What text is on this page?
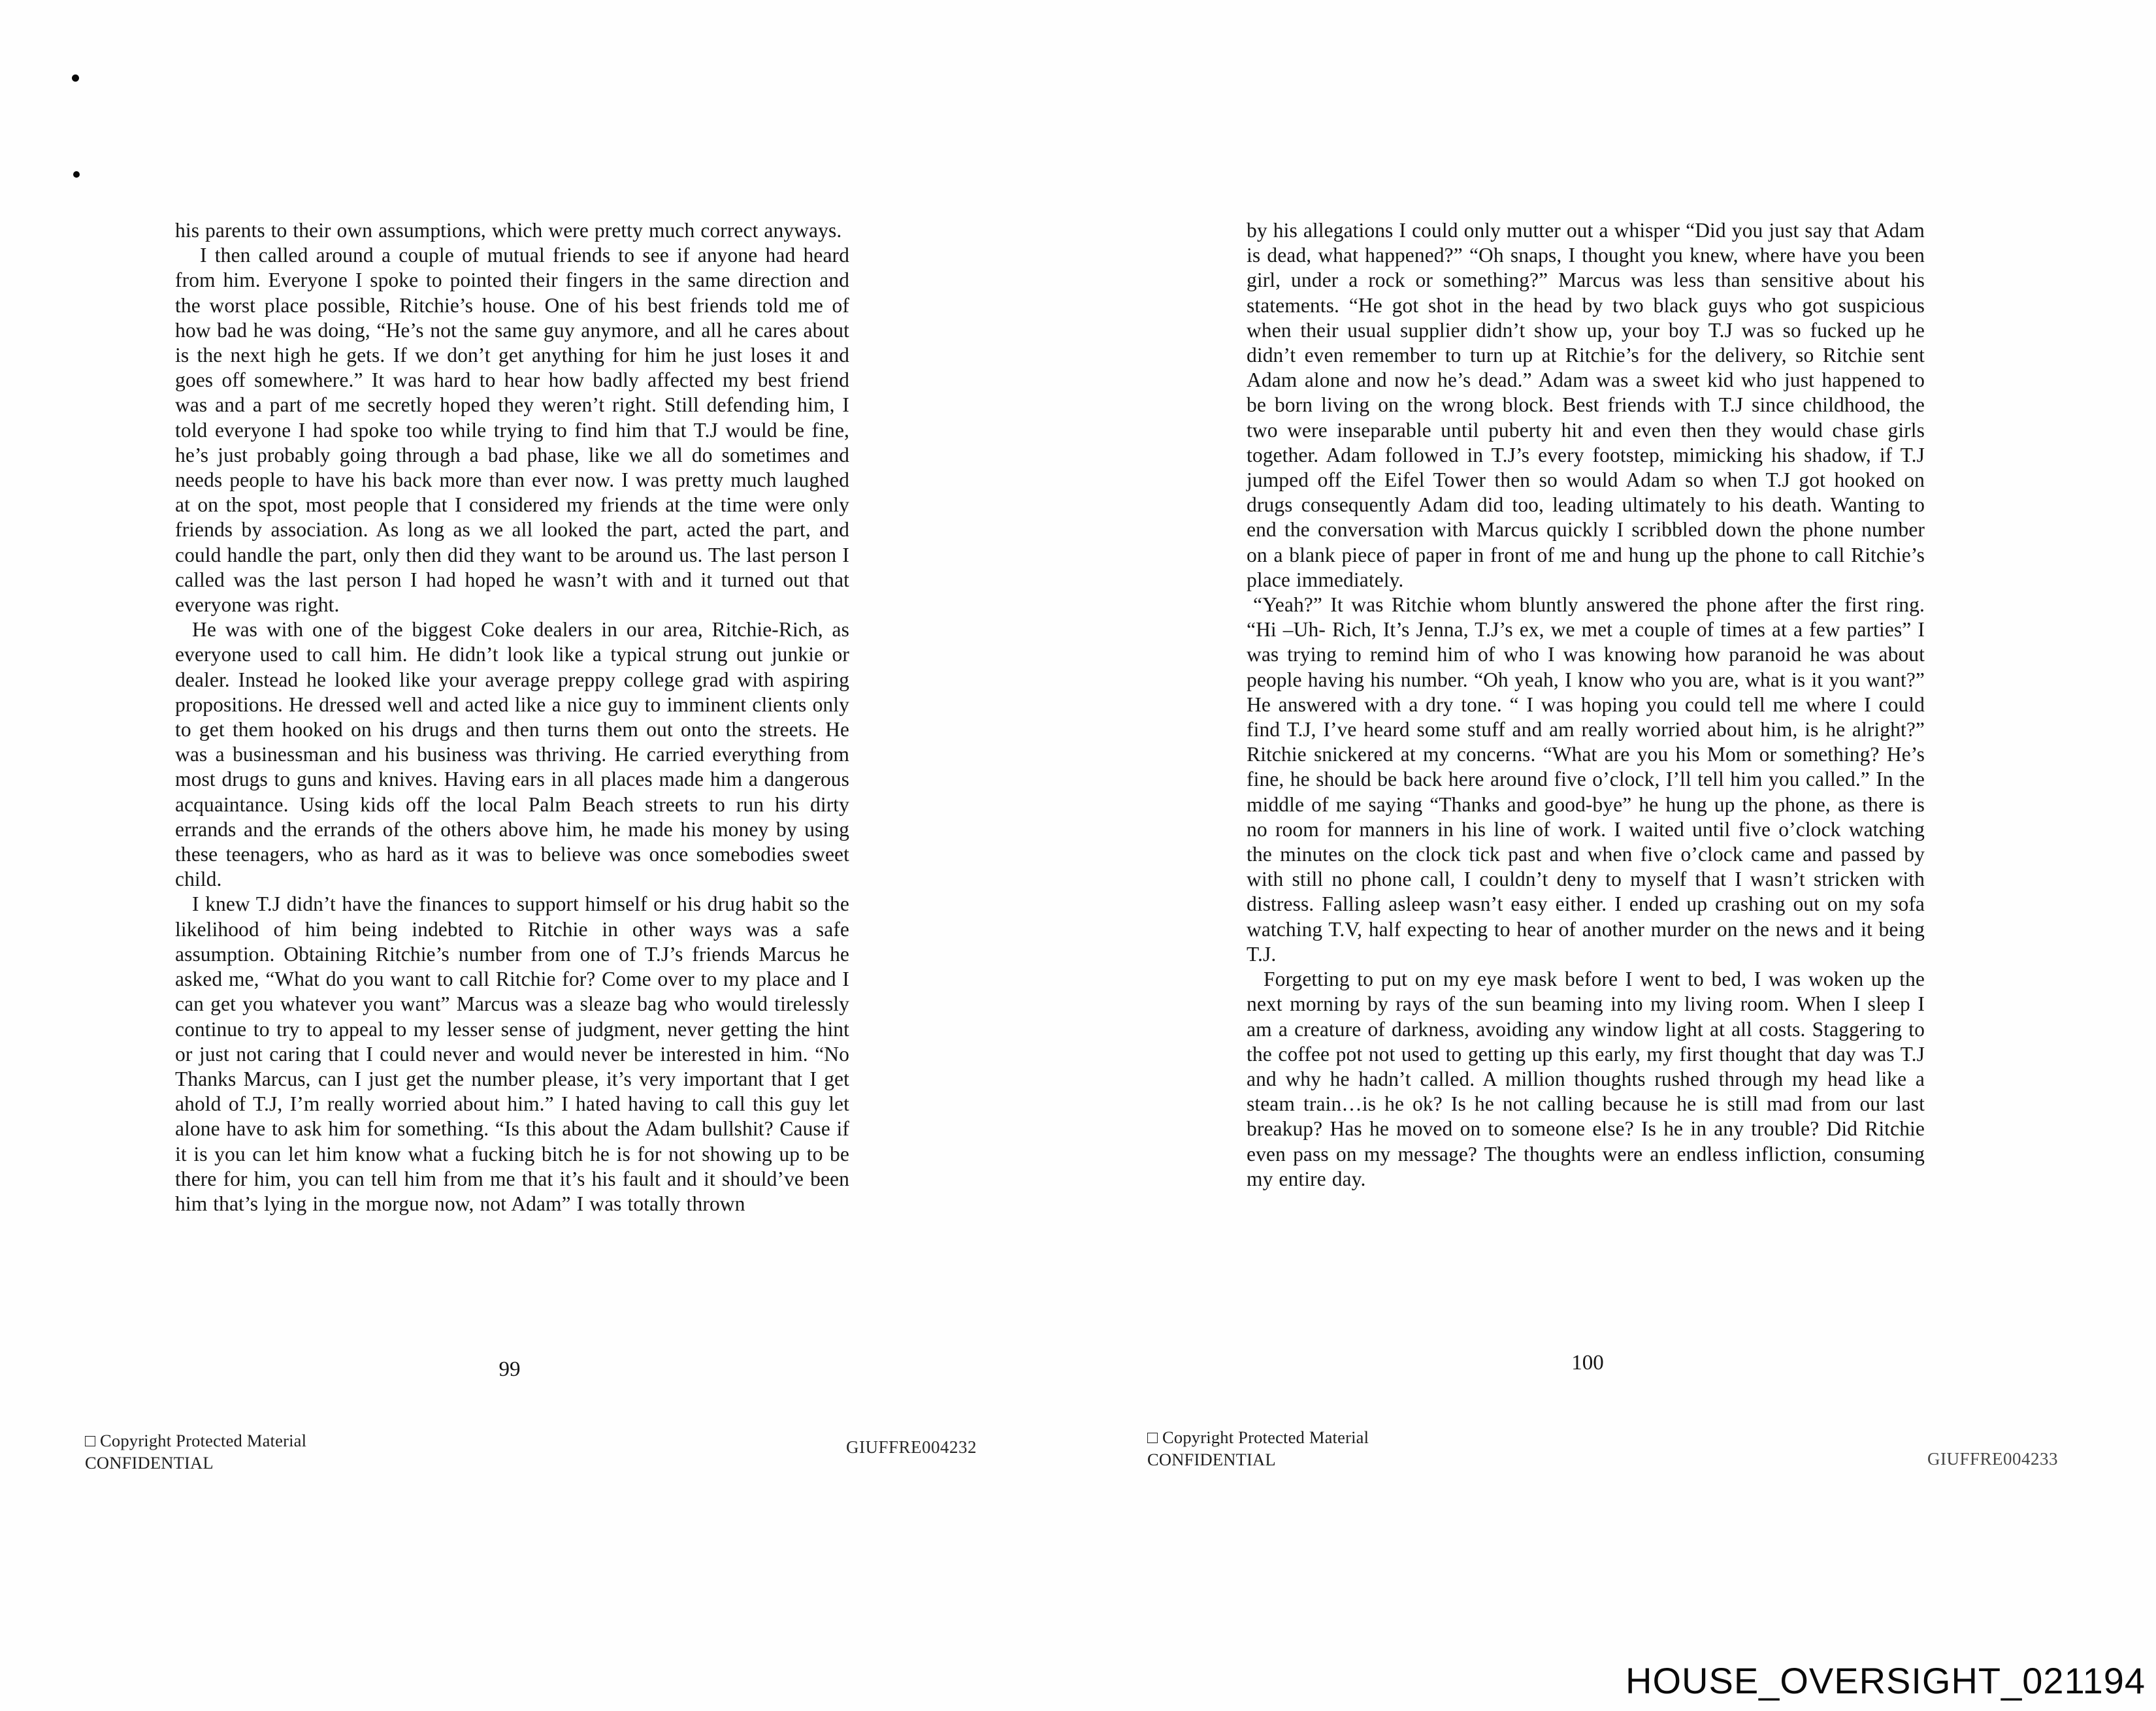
his parents to their own assumptions, which were pretty much correct anyways.

I then called around a couple of mutual friends to see if anyone had heard from him. Everyone I spoke to pointed their fingers in the same direction and the worst place possible, Ritchie’s house. One of his best friends told me of how bad he was doing, “He’s not the same guy anymore, and all he cares about is the next high he gets. If we don’t get anything for him he just loses it and goes off somewhere.” It was hard to hear how badly affected my best friend was and a part of me secretly hoped they weren’t right. Still defending him, I told everyone I had spoke too while trying to find him that T.J would be fine, he’s just probably going through a bad phase, like we all do sometimes and needs people to have his back more than ever now. I was pretty much laughed at on the spot, most people that I considered my friends at the time were only friends by association. As long as we all looked the part, acted the part, and could handle the part, only then did they want to be around us. The last person I called was the last person I had hoped he wasn’t with and it turned out that everyone was right.

He was with one of the biggest Coke dealers in our area, Ritchie-Rich, as everyone used to call him. He didn’t look like a typical strung out junkie or dealer. Instead he looked like your average preppy college grad with aspiring propositions. He dressed well and acted like a nice guy to imminent clients only to get them hooked on his drugs and then turns them out onto the streets. He was a businessman and his business was thriving. He carried everything from most drugs to guns and knives. Having ears in all places made him a dangerous acquaintance. Using kids off the local Palm Beach streets to run his dirty errands and the errands of the others above him, he made his money by using these teenagers, who as hard as it was to believe was once somebodies sweet child.

I knew T.J didn’t have the finances to support himself or his drug habit so the likelihood of him being indebted to Ritchie in other ways was a safe assumption. Obtaining Ritchie’s number from one of T.J’s friends Marcus he asked me, “What do you want to call Ritchie for? Come over to my place and I can get you whatever you want” Marcus was a sleaze bag who would tirelessly continue to try to appeal to my lesser sense of judgment, never getting the hint or just not caring that I could never and would never be interested in him. “No Thanks Marcus, can I just get the number please, it’s very important that I get ahold of T.J, I’m really worried about him.” I hated having to call this guy let alone have to ask him for something. “Is this about the Adam bullshit? Cause if it is you can let him know what a fucking bitch he is for not showing up to be there for him, you can tell him from me that it’s his fault and it should’ve been him that’s lying in the morgue now, not Adam” I was totally thrown

99
□ Copyright Protected Material
CONFIDENTIAL
GIUFFRE004232

by his allegations I could only mutter out a whisper “Did you just say that Adam is dead, what happened?” “Oh snaps, I thought you knew, where have you been girl, under a rock or something?” Marcus was less than sensitive about his statements. “He got shot in the head by two black guys who got suspicious when their usual supplier didn’t show up, your boy T.J was so fucked up he didn’t even remember to turn up at Ritchie’s for the delivery, so Ritchie sent Adam alone and now he’s dead.” Adam was a sweet kid who just happened to be born living on the wrong block. Best friends with T.J since childhood, the two were inseparable until puberty hit and even then they would chase girls together. Adam followed in T.J’s every footstep, mimicking his shadow, if T.J jumped off the Eifel Tower then so would Adam so when T.J got hooked on drugs consequently Adam did too, leading ultimately to his death. Wanting to end the conversation with Marcus quickly I scribbled down the phone number on a blank piece of paper in front of me and hung up the phone to call Ritchie’s place immediately.

“Yeah?” It was Ritchie whom bluntly answered the phone after the first ring. “Hi –Uh- Rich, It’s Jenna, T.J’s ex, we met a couple of times at a few parties” I was trying to remind him of who I was knowing how paranoid he was about people having his number. “Oh yeah, I know who you are, what is it you want?” He answered with a dry tone. “ I was hoping you could tell me where I could find T.J, I’ve heard some stuff and am really worried about him, is he alright?” Ritchie snickered at my concerns. “What are you his Mom or something? He’s fine, he should be back here around five o’clock, I’ll tell him you called.” In the middle of me saying “Thanks and good-bye” he hung up the phone, as there is no room for manners in his line of work. I waited until five o’clock watching the minutes on the clock tick past and when five o’clock came and passed by with still no phone call, I couldn’t deny to myself that I wasn’t stricken with distress. Falling asleep wasn’t easy either. I ended up crashing out on my sofa watching T.V, half expecting to hear of another murder on the news and it being T.J.

Forgetting to put on my eye mask before I went to bed, I was woken up the next morning by rays of the sun beaming into my living room. When I sleep I am a creature of darkness, avoiding any window light at all costs. Staggering to the coffee pot not used to getting up this early, my first thought that day was T.J and why he hadn’t called. A million thoughts rushed through my head like a steam train…is he ok? Is he not calling because he is still mad from our last breakup? Has he moved on to someone else? Is he in any trouble? Did Ritchie even pass on my message? The thoughts were an endless infliction, consuming my entire day.

100
□ Copyright Protected Material
CONFIDENTIAL	GIUFFRE004233
HOUSE_OVERSIGHT_021194
